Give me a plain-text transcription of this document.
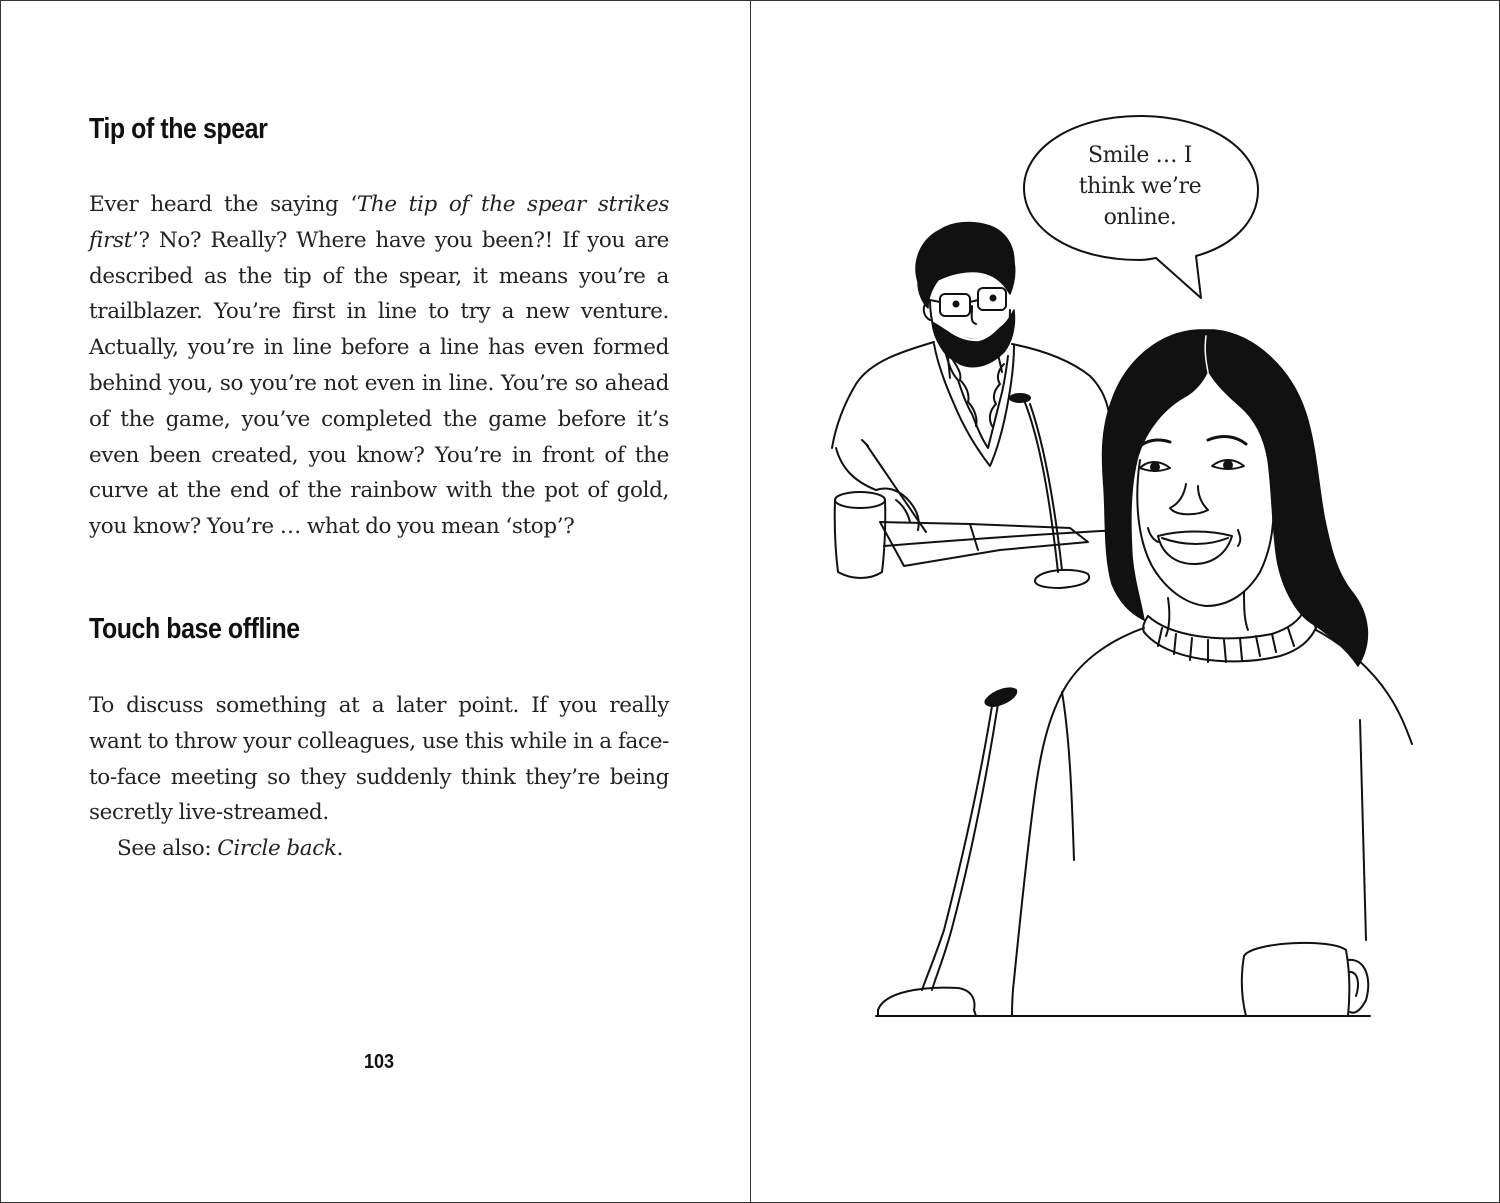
Tip of the spear

Ever heard the saying ‘The tip of the spear strikes first’? No? Really? Where have you been?! If you are described as the tip of the spear, it means you’re a trailblazer. You’re first in line to try a new venture. Actually, you’re in line before a line has even formed behind you, so you’re not even in line. You’re so ahead of the game, you’ve completed the game before it’s even been created, you know? You’re in front of the curve at the end of the rainbow with the pot of gold, you know? You’re … what do you mean ‘stop’?

Touch base offline

To discuss something at a later point. If you really want to throw your colleagues, use this while in a face-to-face meeting so they suddenly think they’re being secretly live-streamed.

See also: Circle back.

103
Smile … I
think we’re
online.
